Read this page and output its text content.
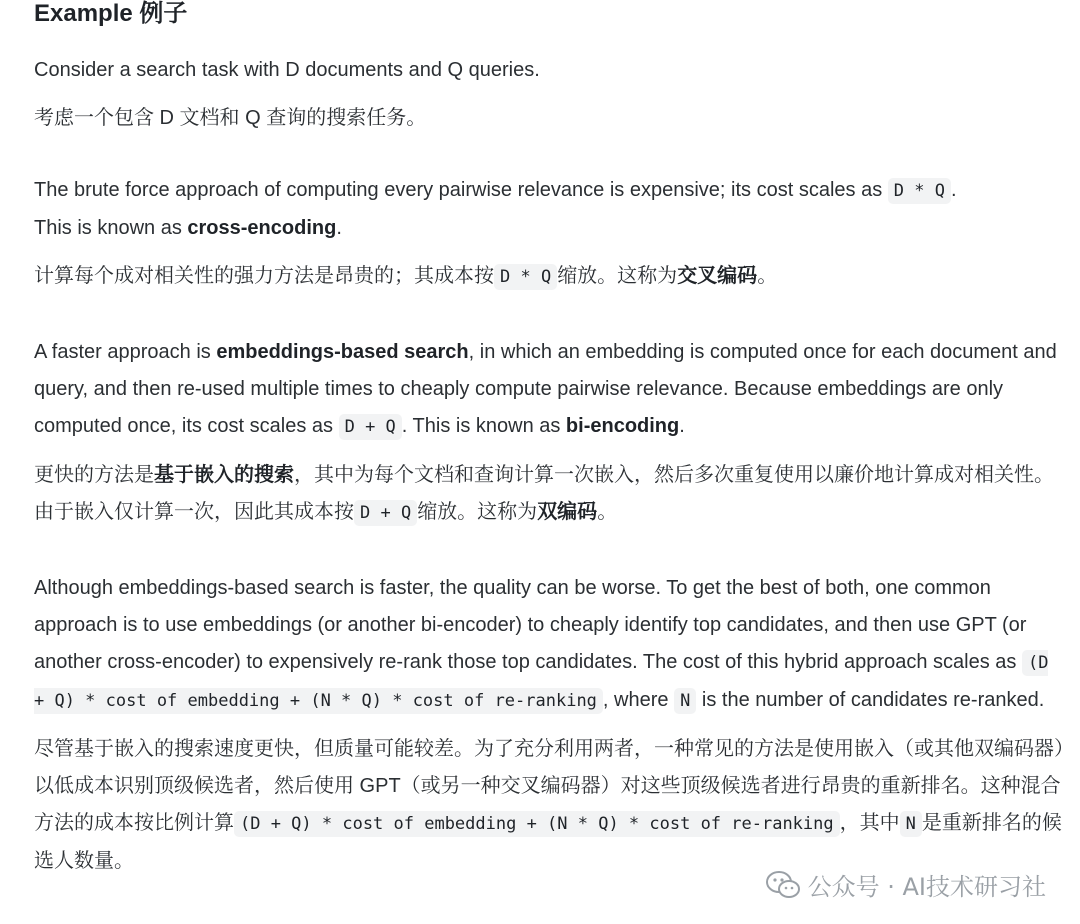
Example 例子

Consider a search task with D documents and Q queries.

考虑一个包含 D 文档和 Q 查询的搜索任务。

The brute force approach of computing every pairwise relevance is expensive; its cost scales as D * Q .
This is known as cross-encoding.

计算每个成对相关性的强力方法是昂贵的；其成本按 D * Q 缩放。这称为交叉编码。

A faster approach is embeddings-based search, in which an embedding is computed once for each document and query, and then re-used multiple times to cheaply compute pairwise relevance. Because embeddings are only computed once, its cost scales as D + Q . This is known as bi-encoding.

更快的方法是基于嵌入的搜索，其中为每个文档和查询计算一次嵌入，然后多次重复使用以廉价地计算成对相关性。由于嵌入仅计算一次，因此其成本按 D + Q 缩放。这称为双编码。

Although embeddings-based search is faster, the quality can be worse. To get the best of both, one common approach is to use embeddings (or another bi-encoder) to cheaply identify top candidates, and then use GPT (or another cross-encoder) to expensively re-rank those top candidates. The cost of this hybrid approach scales as (D + Q) * cost of embedding + (N * Q) * cost of re-ranking , where N is the number of candidates re-ranked.

尽管基于嵌入的搜索速度更快，但质量可能较差。为了充分利用两者，一种常见的方法是使用嵌入（或其他双编码器）以低成本识别顶级候选者，然后使用 GPT（或另一种交叉编码器）对这些顶级候选者进行昂贵的重新排名。这种混合方法的成本按比例计算 (D + Q) * cost of embedding + (N * Q) * cost of re-ranking ，其中 N 是重新排名的候选人数量。

公众号 · AI技术研习社
